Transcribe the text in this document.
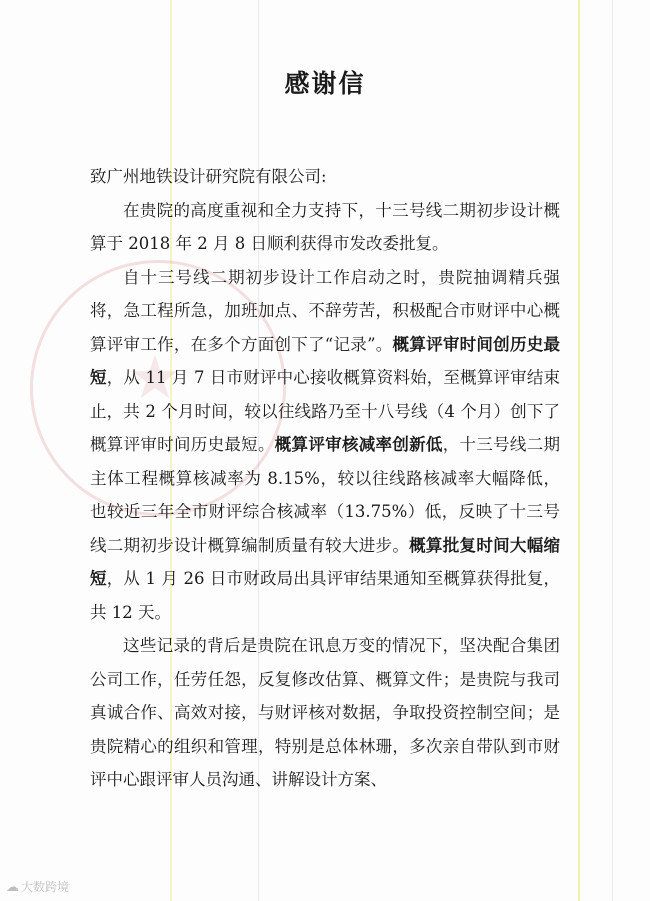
★
感谢信

致广州地铁设计研究院有限公司:

在贵院的高度重视和全力支持下，十三号线二期初步设计概算于 2018 年 2 月 8 日顺利获得市发改委批复。

自十三号线二期初步设计工作启动之时，贵院抽调精兵强将，急工程所急，加班加点、不辞劳苦，积极配合市财评中心概算评审工作，在多个方面创下了“记录”。概算评审时间创历史最短，从 11 月 7 日市财评中心接收概算资料始，至概算评审结束止，共 2 个月时间，较以往线路乃至十八号线（4 个月）创下了概算评审时间历史最短。概算评审核减率创新低，十三号线二期主体工程概算核减率为 8.15%，较以往线路核减率大幅降低，也较近三年全市财评综合核减率（13.75%）低，反映了十三号线二期初步设计概算编制质量有较大进步。概算批复时间大幅缩短，从 1 月 26 日市财政局出具评审结果通知至概算获得批复，共 12 天。

这些记录的背后是贵院在讯息万变的情况下，坚决配合集团公司工作，任劳任怨，反复修改估算、概算文件；是贵院与我司真诚合作、高效对接，与财评核对数据，争取投资控制空间；是贵院精心的组织和管理，特别是总体林珊，多次亲自带队到市财评中心跟评审人员沟通、讲解设计方案、

☁ 大数跨境
